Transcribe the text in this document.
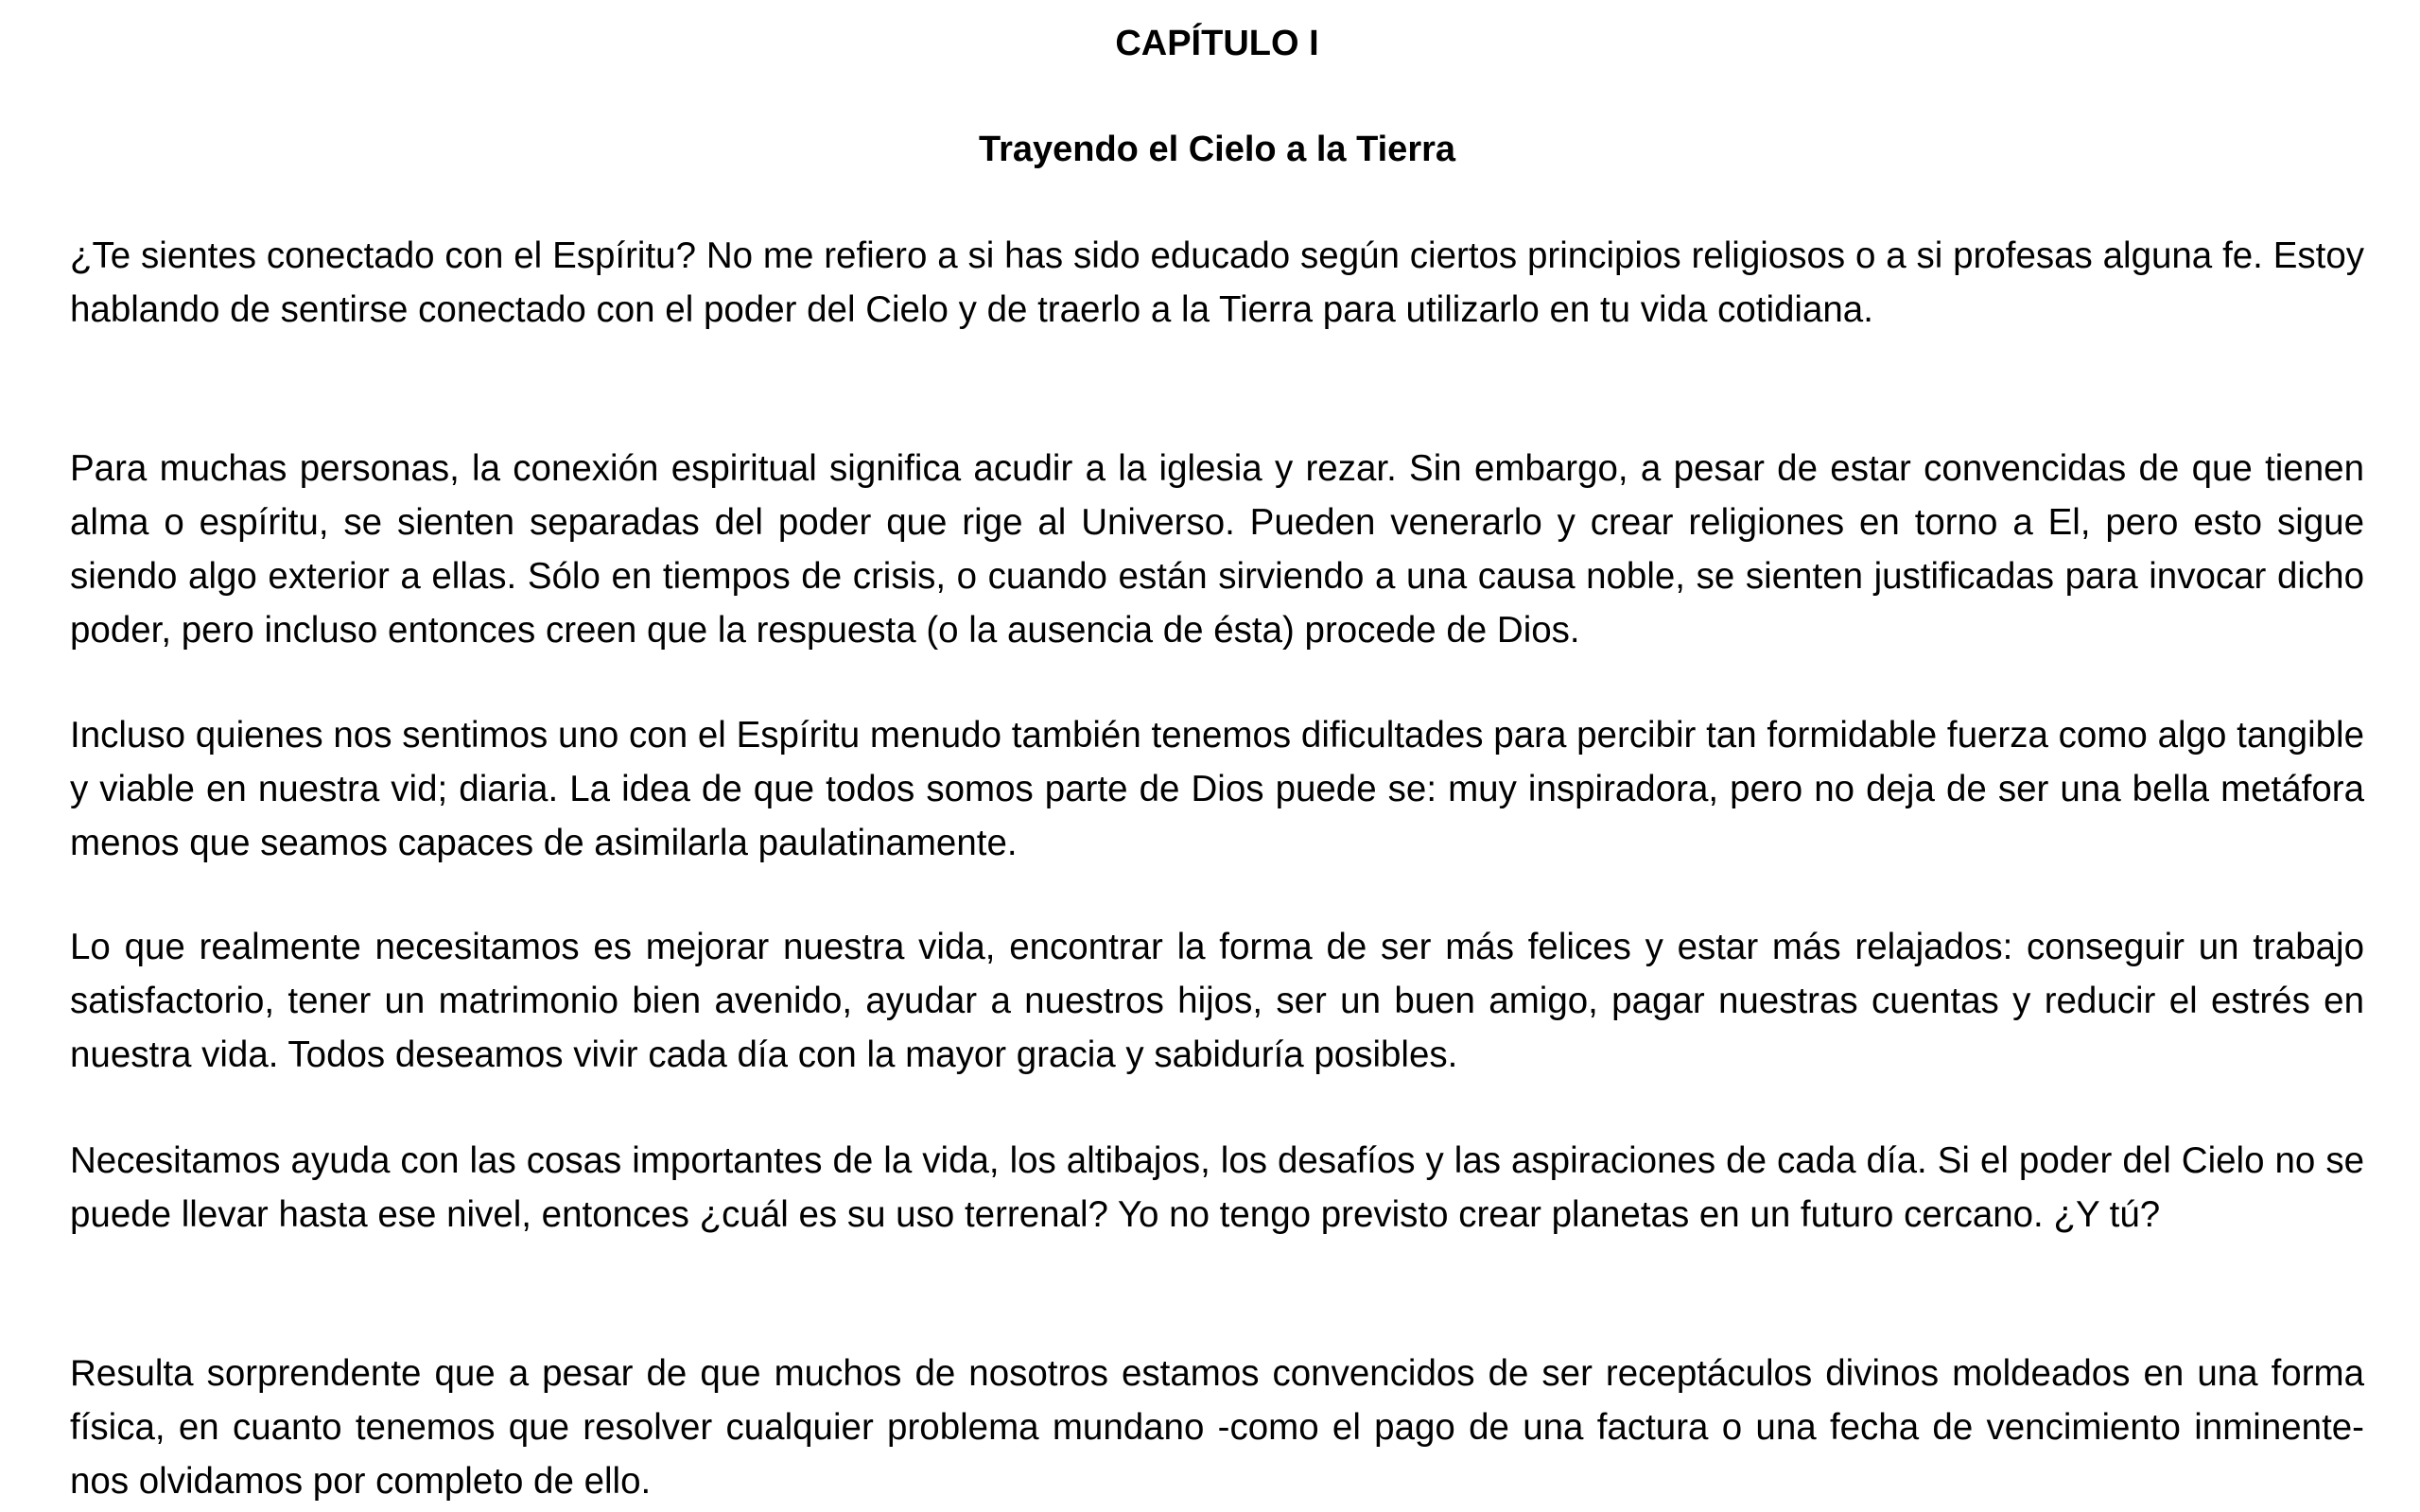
CAPÍTULO I
Trayendo el Cielo a la Tierra

¿Te sientes conectado con el Espíritu? No me refiero a si has sido educado según ciertos principios religiosos o a si profesas alguna fe. Estoy hablando de sentirse conectado con el poder del Cielo y de traerlo a la Tierra para utilizarlo en tu vida cotidiana.

Para muchas personas, la conexión espiritual significa acudir a la iglesia y rezar. Sin embargo, a pesar de estar convencidas de que tienen alma o espíritu, se sienten separadas del poder que rige al Universo. Pueden venerarlo y crear religiones en torno a El, pero esto sigue siendo algo exterior a ellas. Sólo en tiempos de crisis, o cuando están sirviendo a una causa noble, se sienten justificadas para invocar dicho poder, pero incluso entonces creen que la respuesta (o la ausencia de ésta) procede de Dios.

Incluso quienes nos sentimos uno con el Espíritu menudo también tenemos dificultades para percibir tan formidable fuerza como algo tangible y viable en nuestra vid; diaria. La idea de que todos somos parte de Dios puede se: muy inspiradora, pero no deja de ser una bella metáfora menos que seamos capaces de asimilarla paulatinamente.

Lo que realmente necesitamos es mejorar nuestra vida, encontrar la forma de ser más felices y estar más relajados: conseguir un trabajo satisfactorio, tener un matrimonio bien avenido, ayudar a nuestros hijos, ser un buen amigo, pagar nuestras cuentas y reducir el estrés en nuestra vida. Todos deseamos vivir cada día con la mayor gracia y sabiduría posibles.

Necesitamos ayuda con las cosas importantes de la vida, los altibajos, los desafíos y las aspiraciones de cada día. Si el poder del Cielo no se puede llevar hasta ese nivel, entonces ¿cuál es su uso terrenal? Yo no tengo previsto crear planetas en un futuro cercano. ¿Y tú?

Resulta sorprendente que a pesar de que muchos de nosotros estamos convencidos de ser receptáculos divinos moldeados en una forma física, en cuanto tenemos que resolver cualquier problema mundano -como el pago de una factura o una fecha de vencimiento inminente- nos olvidamos por completo de ello.
